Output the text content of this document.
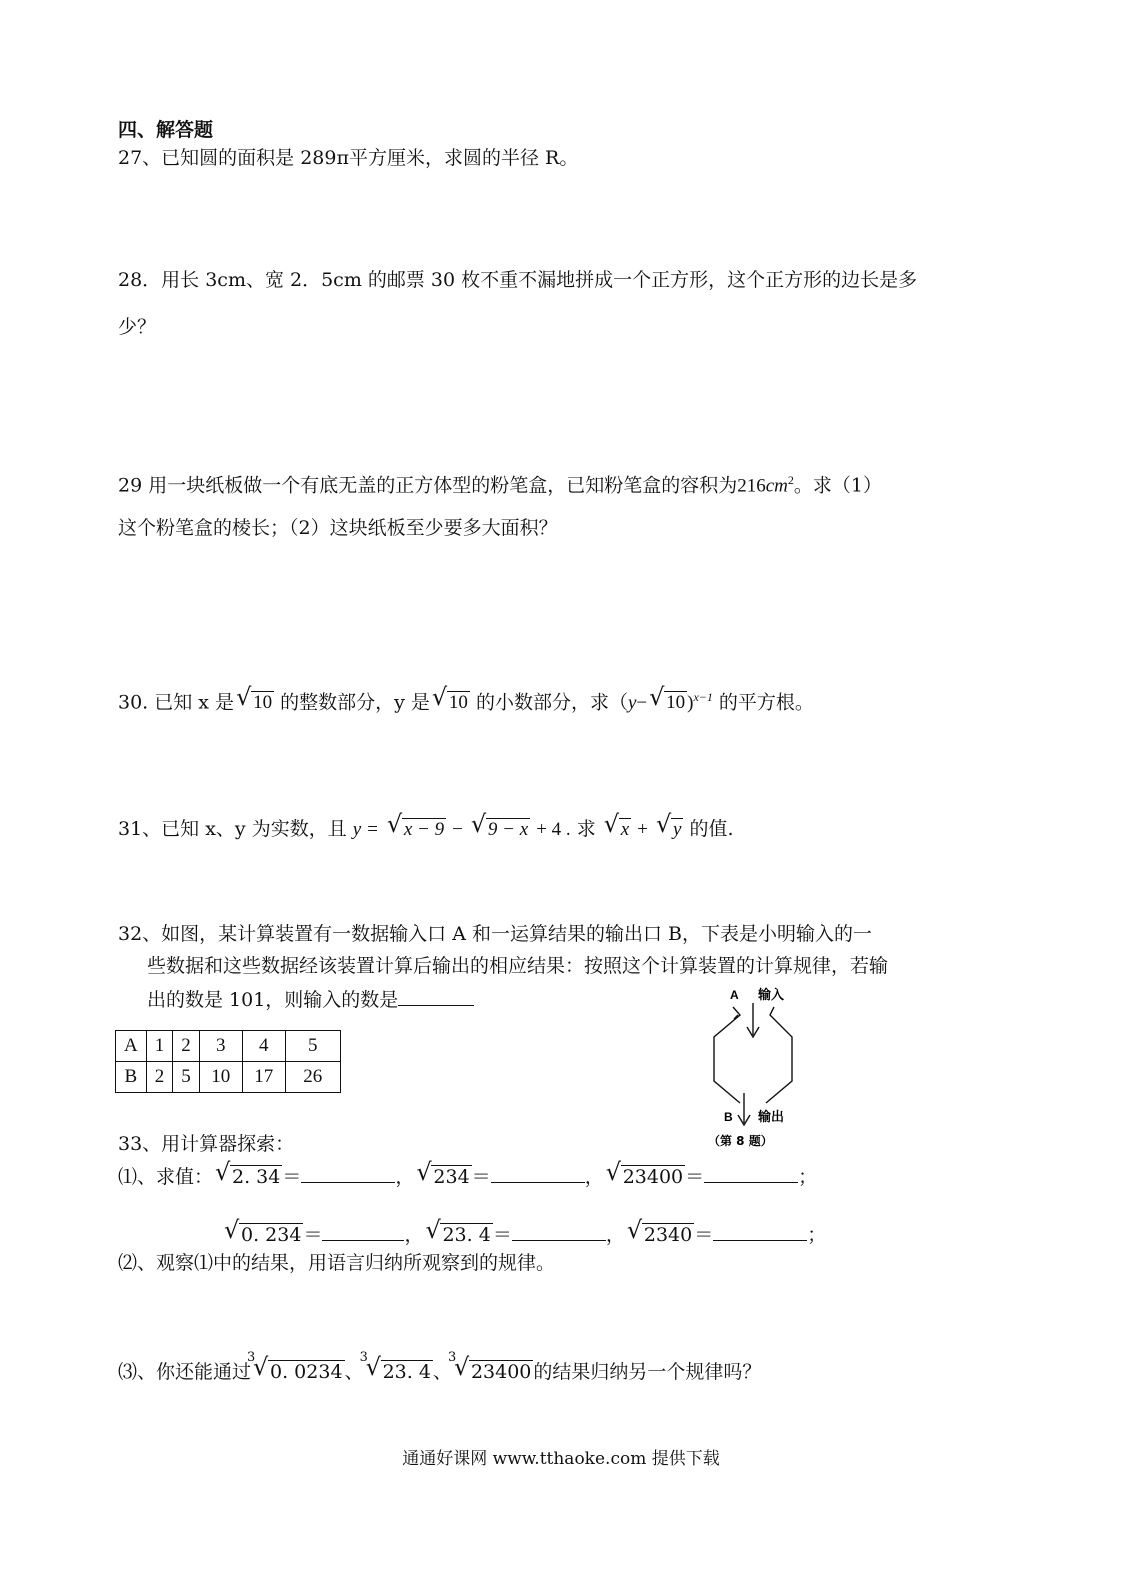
四、解答题
27、已知圆的面积是 289π平方厘米，求圆的半径 R。
28．用长 3cm、宽 2．5cm 的邮票 30 枚不重不漏地拼成一个正方形，这个正方形的边长是多
少？
29 用一块纸板做一个有底无盖的正方体型的粉笔盒，已知粉笔盒的容积为$216cm^2$。求（1）
这个粉笔盒的棱长；（2）这块纸板至少要多大面积？
30. 已知 x 是 √ 10 的整数部分，y 是 √ 10 的小数部分，求（y− √ 10 )$^{x-1}$ 的平方根。
31、已知 x、y 为实数，且 y = √ x − 9 − √ 9 − x + 4 . 求 √ x + √ y 的值.
32、如图，某计算装置有一数据输入口 A 和一运算结果的输出口 B，下表是小明输入的一
些数据和这些数据经该装置计算后输出的相应结果：按照这个计算装置的计算规律，若输
出的数是 101，则输入的数是
A	1	2	3	4	5
B	2	5	10	17	26
A 输入
B 输出
（第 8 题）
33、用计算器探索：
⑴、求值： √ 2. 34 ＝	， √ 234 ＝	， √ 23400 ＝	；
√ 0. 234 ＝	， √ 23. 4 ＝	， √ 2340 ＝	；
⑵、观察⑴中的结果，用语言归纳所观察到的规律。
⑶、你还能通过
3
√ 0. 0234 、
3
√ 23. 4 、
3
√ 23400 的结果归纳另一个规律吗？
通通好课网 www.tthaoke.com 提供下载
